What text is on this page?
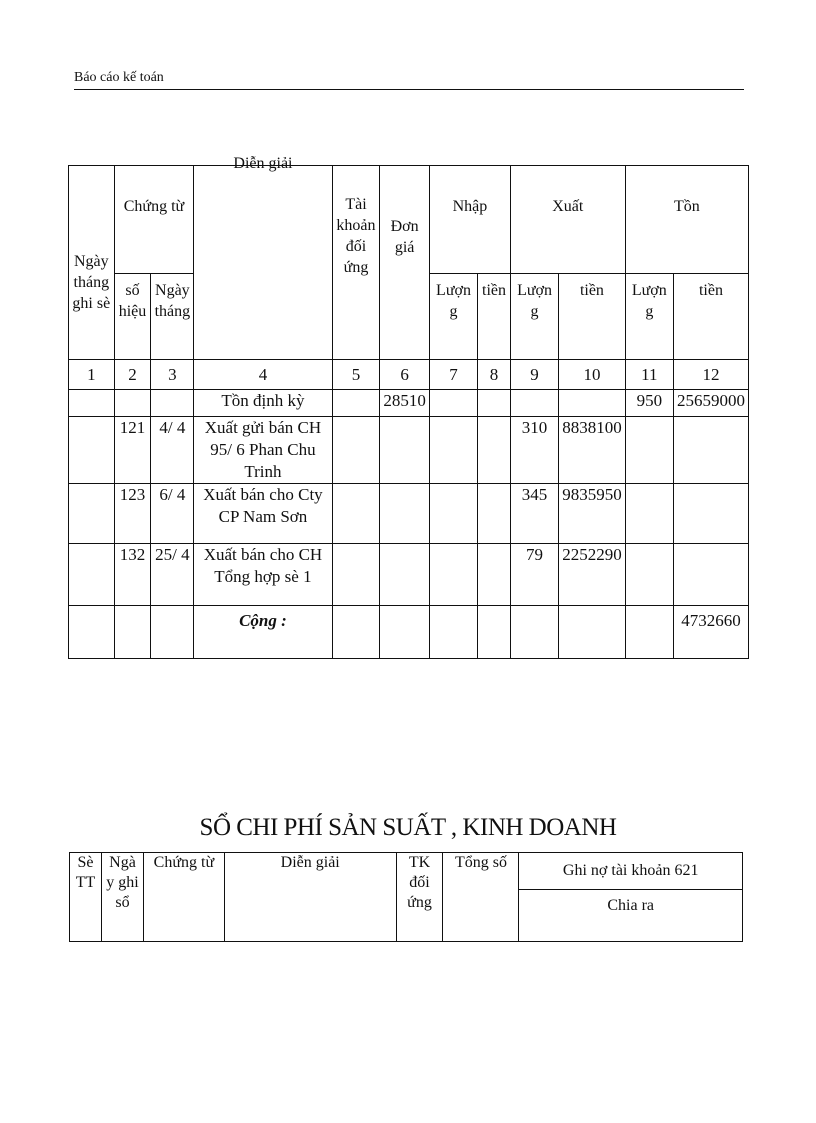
Báo cáo kế toán
Ngày tháng ghi sè	Chứng từ		Diễn giải	Tài khoản đối ứng	Đơn giá	Nhập		Xuất		Tồn	

	số hiệu	Ngày tháng				Lượn g	tiền	Lượn g	tiền	Lượn g	tiền

1	2	3	4	5	6	7	8	9	10	11	12
			Tồn định kỳ		28510					950	25659000
	121	4/ 4	Xuất gửi bán CH 95/ 6 Phan Chu Trinh					310	8838100		
	123	6/ 4	Xuất bán cho Cty CP Nam Sơn					345	9835950		
	132	25/ 4	Xuất bán cho CH Tổng hợp sè 1					79	2252290		

			Cộng :								4732660
SỔ CHI PHÍ SẢN SUẤT , KINH DOANH
Sè TT	Ngà y ghi sổ	Chứng từ	Diễn giải	TK đối ứng	Tổng số	Ghi nợ tài khoản 621

Chia ra
